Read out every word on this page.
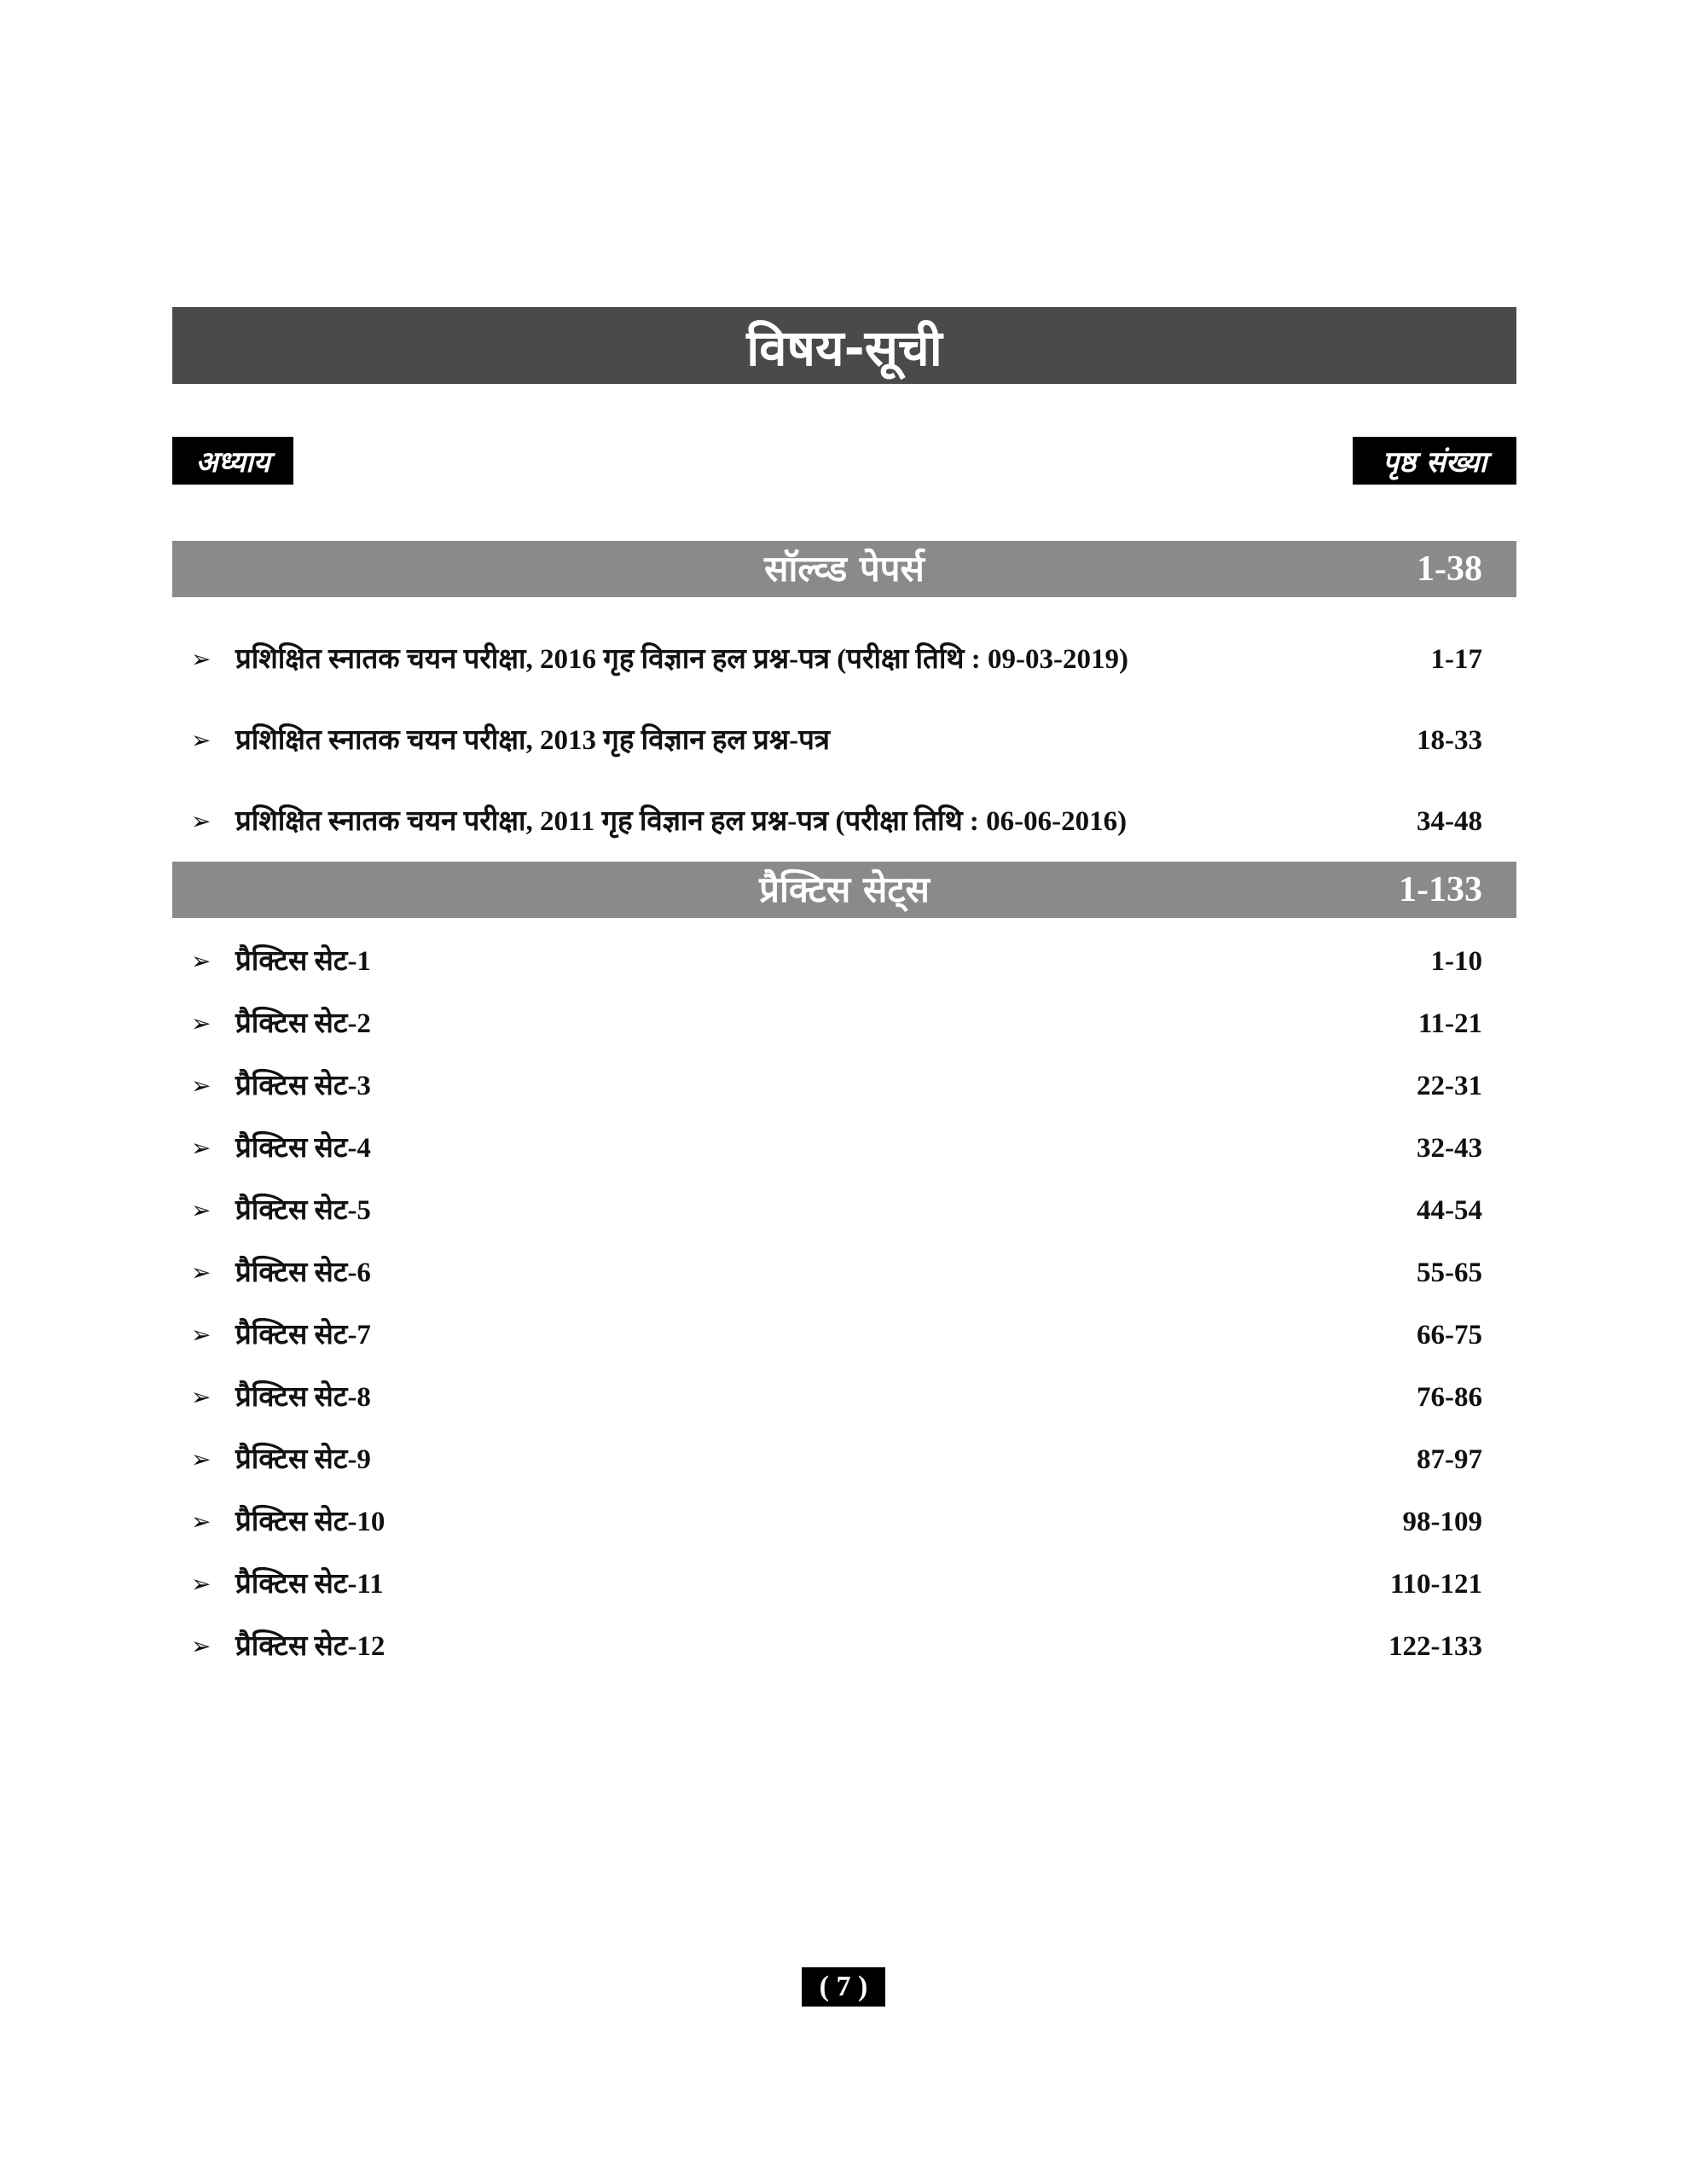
विषय-सूची
अध्याय	पृष्ठ संख्या
सॉल्व्ड पेपर्स	1-38
➢ प्रशिक्षित स्नातक चयन परीक्षा, 2016 गृह विज्ञान हल प्रश्न-पत्र (परीक्षा तिथि : 09-03-2019)	1-17
➢ प्रशिक्षित स्नातक चयन परीक्षा, 2013 गृह विज्ञान हल प्रश्न-पत्र	18-33
➢ प्रशिक्षित स्नातक चयन परीक्षा, 2011 गृह विज्ञान हल प्रश्न-पत्र (परीक्षा तिथि : 06-06-2016)	34-48
प्रैक्टिस सेट्स	1-133
➢ प्रैक्टिस सेट-1	1-10
➢ प्रैक्टिस सेट-2	11-21
➢ प्रैक्टिस सेट-3	22-31
➢ प्रैक्टिस सेट-4	32-43
➢ प्रैक्टिस सेट-5	44-54
➢ प्रैक्टिस सेट-6	55-65
➢ प्रैक्टिस सेट-7	66-75
➢ प्रैक्टिस सेट-8	76-86
➢ प्रैक्टिस सेट-9	87-97
➢ प्रैक्टिस सेट-10	98-109
➢ प्रैक्टिस सेट-11	110-121
➢ प्रैक्टिस सेट-12	122-133
( 7 )
